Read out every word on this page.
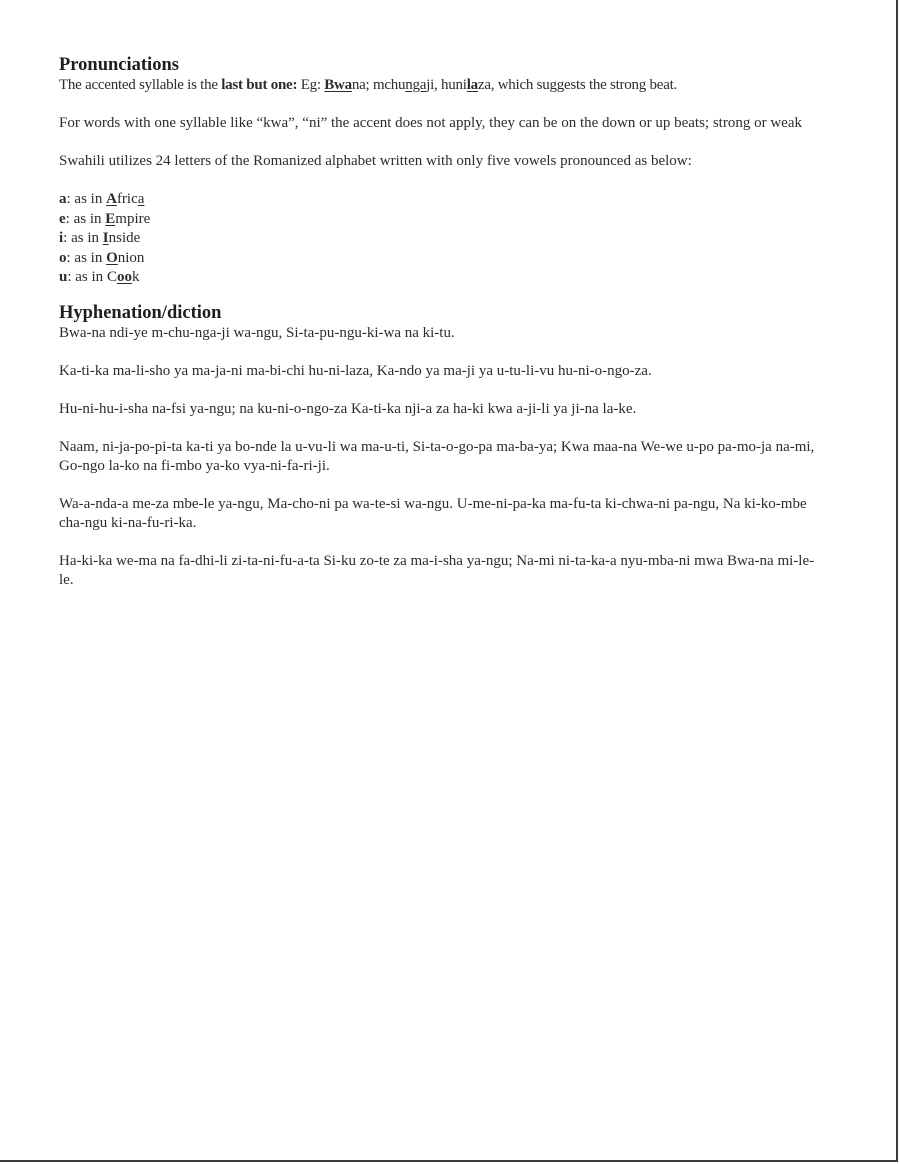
Pronunciations

The accented syllable is the last but one: Eg: Bwana; mchungaji, hunilaza, which suggests the strong beat.

For words with one syllable like “kwa”, “ni” the accent does not apply, they can be on the down or up beats; strong or weak

Swahili utilizes 24 letters of the Romanized alphabet written with only five vowels pronounced as below:

a: as in Africa

e: as in Empire

i: as in Inside

o: as in Onion

u: as in Cook

Hyphenation/diction

Bwa-na ndi-ye m-chu-nga-ji wa-ngu, Si-ta-pu-ngu-ki-wa na ki-tu.

Ka-ti-ka ma-li-sho ya ma-ja-ni ma-bi-chi hu-ni-laza, Ka-ndo ya ma-ji ya u-tu-li-vu hu-ni-o-ngo-za.

Hu-ni-hu-i-sha na-fsi ya-ngu; na ku-ni-o-ngo-za Ka-ti-ka nji-a za ha-ki kwa a-ji-li ya ji-na la-ke.

Naam, ni-ja-po-pi-ta ka-ti ya bo-nde la u-vu-li wa ma-u-ti, Si-ta-o-go-pa ma-ba-ya; Kwa maa-na We-we u-po pa-mo-ja na-mi, Go-ngo la-ko na fi-mbo ya-ko vya-ni-fa-ri-ji.

Wa-a-nda-a me-za mbe-le ya-ngu, Ma-cho-ni pa wa-te-si wa-ngu. U-me-ni-pa-ka ma-fu-ta ki-chwa-ni pa-ngu, Na ki-ko-mbe cha-ngu ki-na-fu-ri-ka.

Ha-ki-ka we-ma na fa-dhi-li zi-ta-ni-fu-a-ta Si-ku zo-te za ma-i-sha ya-ngu; Na-mi ni-ta-ka-a nyu-mba-ni mwa Bwa-na mi-le-le.
